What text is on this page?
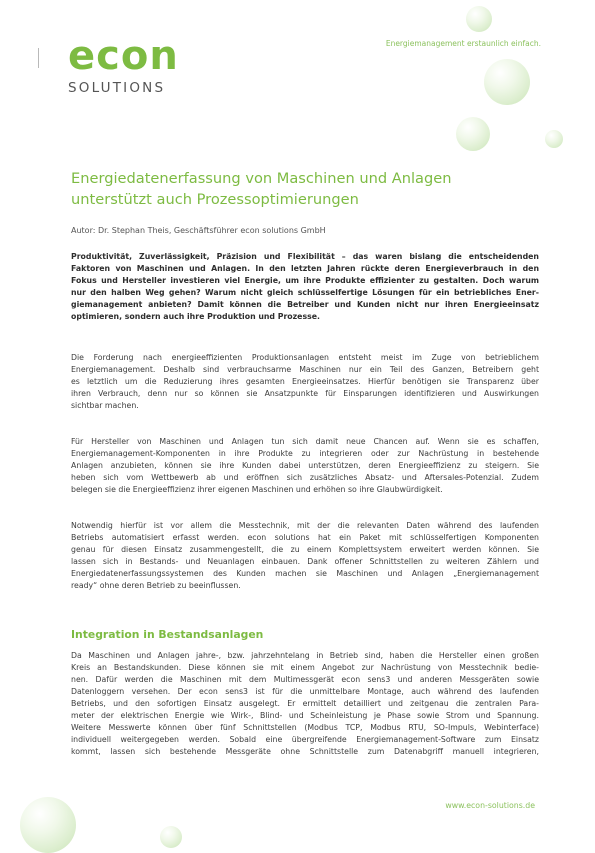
econ
SOLUTIONS
Energiemanagement erstaunlich einfach.
Energiedatenerfassung von Maschinen und Anlagen
unterstützt auch Prozessoptimierungen
Autor: Dr. Stephan Theis, Geschäftsführer econ solutions GmbH
Produktivität, Zuverlässigkeit, Präzision und Flexibilität – das waren bislang die entscheidenden
Faktoren von Maschinen und Anlagen. In den letzten Jahren rückte deren Energieverbrauch in den
Fokus und Hersteller investieren viel Energie, um ihre Produkte effizienter zu gestalten. Doch warum
nur den halben Weg gehen? Warum nicht gleich schlüsselfertige Lösungen für ein betriebliches Ener-
giemanagement anbieten? Damit können die Betreiber und Kunden nicht nur ihren Energieeinsatz
optimieren, sondern auch ihre Produktion und Prozesse.
Die Forderung nach energieeffizienten Produktionsanlagen entsteht meist im Zuge von betrieblichem
Energiemanagement. Deshalb sind verbrauchsarme Maschinen nur ein Teil des Ganzen, Betreibern geht
es letztlich um die Reduzierung ihres gesamten Energieeinsatzes. Hierfür benötigen sie Transparenz über
ihren Verbrauch, denn nur so können sie Ansatzpunkte für Einsparungen identifizieren und Auswirkungen
sichtbar machen.
Für Hersteller von Maschinen und Anlagen tun sich damit neue Chancen auf. Wenn sie es schaffen,
Energiemanagement-Komponenten in ihre Produkte zu integrieren oder zur Nachrüstung in bestehende
Anlagen anzubieten, können sie ihre Kunden dabei unterstützen, deren Energieeffizienz zu steigern. Sie
heben sich vom Wettbewerb ab und eröffnen sich zusätzliches Absatz- und Aftersales-Potenzial. Zudem
belegen sie die Energieeffizienz ihrer eigenen Maschinen und erhöhen so ihre Glaubwürdigkeit.
Notwendig hierfür ist vor allem die Messtechnik, mit der die relevanten Daten während des laufenden
Betriebs automatisiert erfasst werden. econ solutions hat ein Paket mit schlüsselfertigen Komponenten
genau für diesen Einsatz zusammengestellt, die zu einem Komplettsystem erweitert werden können. Sie
lassen sich in Bestands- und Neuanlagen einbauen. Dank offener Schnittstellen zu weiteren Zählern und
Energiedatenerfassungssystemen des Kunden machen sie Maschinen und Anlagen „Energiemanagement
ready“ ohne deren Betrieb zu beeinflussen.
Integration in Bestandsanlagen
Da Maschinen und Anlagen jahre-, bzw. jahrzehntelang in Betrieb sind, haben die Hersteller einen großen
Kreis an Bestandskunden. Diese können sie mit einem Angebot zur Nachrüstung von Messtechnik bedie-
nen. Dafür werden die Maschinen mit dem Multimessgerät econ sens3 und anderen Messgeräten sowie
Datenloggern versehen. Der econ sens3 ist für die unmittelbare Montage, auch während des laufenden
Betriebs, und den sofortigen Einsatz ausgelegt. Er ermittelt detailliert und zeitgenau die zentralen Para-
meter der elektrischen Energie wie Wirk-, Blind- und Scheinleistung je Phase sowie Strom und Spannung.
Weitere Messwerte können über fünf Schnittstellen (Modbus TCP, Modbus RTU, SO-Impuls, Webinterface)
individuell weitergegeben werden. Sobald eine übergreifende Energiemanagement-Software zum Einsatz
kommt, lassen sich bestehende Messgeräte ohne Schnittstelle zum Datenabgriff manuell integrieren,
www.econ-solutions.de
